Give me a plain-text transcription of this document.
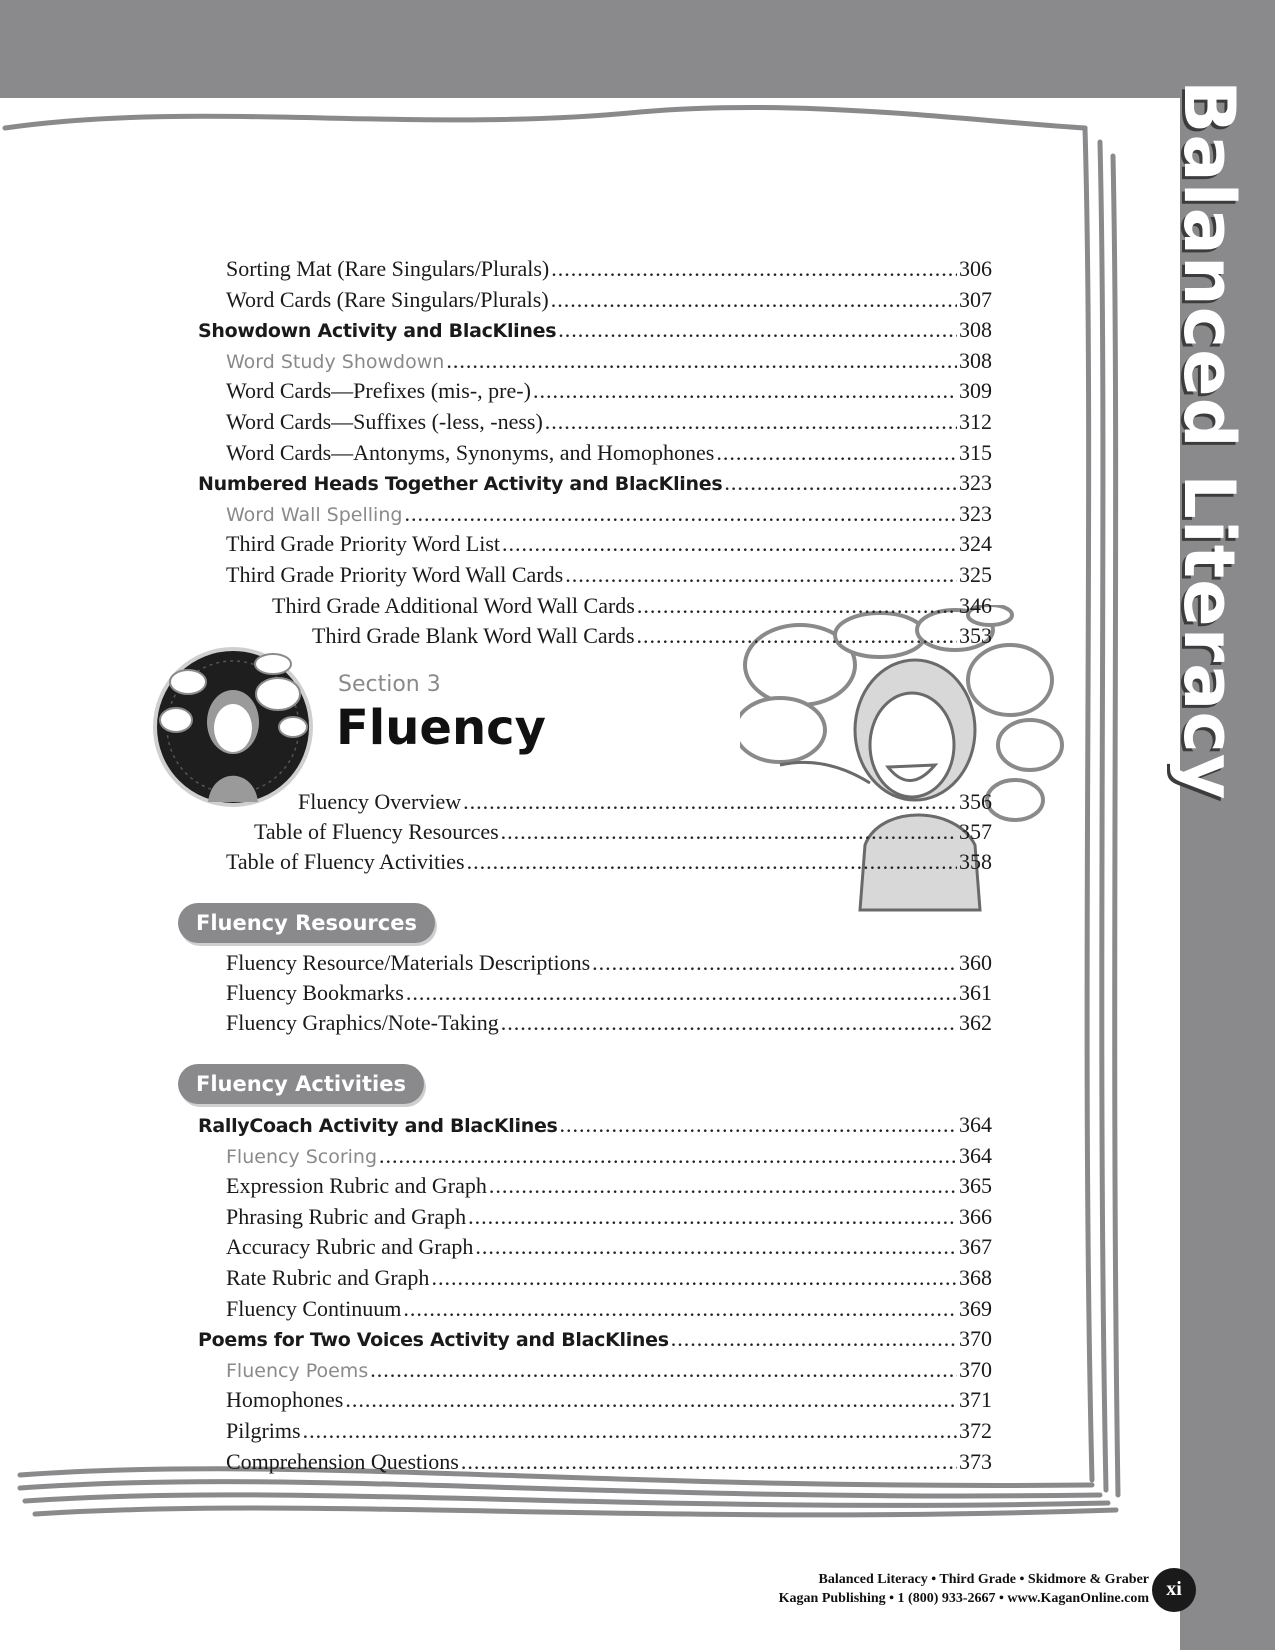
Balanced Literacy
Sorting Mat (Rare Singulars/Plurals) .....	306
Word Cards (Rare Singulars/Plurals) .....	307
Showdown Activity and BlacKlines .....	308
Word Study Showdown .....	308
Word Cards—Prefixes (mis-, pre-) .....	309
Word Cards—Suffixes (-less, -ness) .....	312
Word Cards—Antonyms, Synonyms, and Homophones .....	315
Numbered Heads Together Activity and BlacKlines .....	323
Word Wall Spelling .....	323
Third Grade Priority Word List .....	324
Third Grade Priority Word Wall Cards .....	325
Third Grade Additional Word Wall Cards .....	346
Third Grade Blank Word Wall Cards .....	353
Section 3
Fluency
Fluency Overview .....	356
Table of Fluency Resources .....	357
Table of Fluency Activities .....	358
Fluency Resources
Fluency Resource/Materials Descriptions .....	360
Fluency Bookmarks .....	361
Fluency Graphics/Note-Taking .....	362
Fluency Activities
RallyCoach Activity and BlacKlines .....	364
Fluency Scoring .....	364
Expression Rubric and Graph .....	365
Phrasing Rubric and Graph .....	366
Accuracy Rubric and Graph .....	367
Rate Rubric and Graph .....	368
Fluency Continuum .....	369
Poems for Two Voices Activity and BlacKlines .....	370
Fluency Poems .....	370
Homophones .....	371
Pilgrims .....	372
Comprehension Questions .....	373
Balanced Literacy • Third Grade • Skidmore & Graber
Kagan Publishing • 1 (800) 933-2667 • www.KaganOnline.com xi
